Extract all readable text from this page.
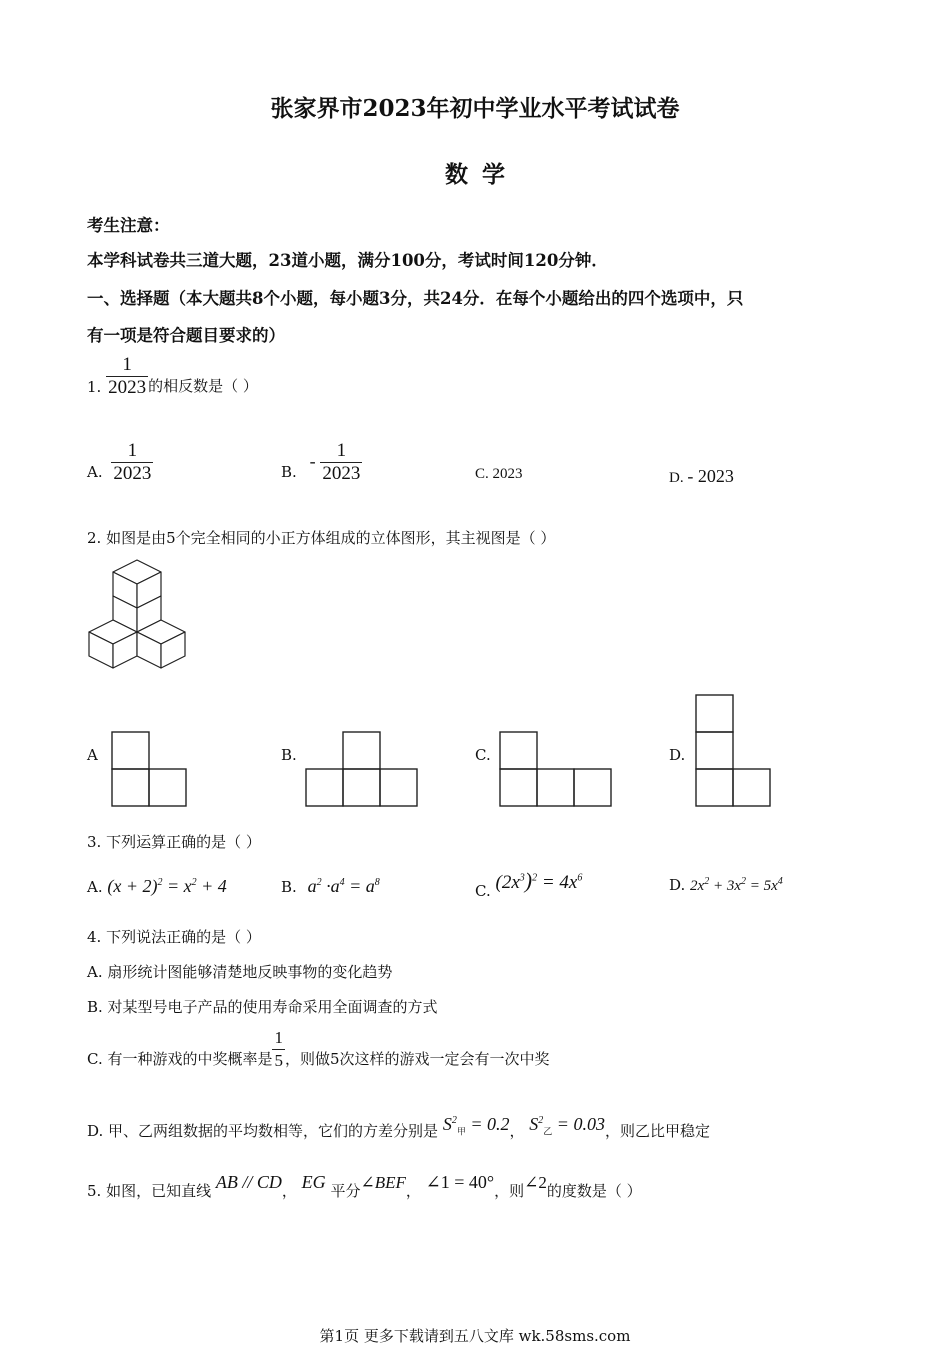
张家界市2023年初中学业水平考试试卷
数 学
考生注意：
本学科试卷共三道大题，23道小题，满分100分，考试时间120分钟．
一、选择题（本大题共8个小题，每小题3分，共24分．在每个小题给出的四个选项中，只
有一项是符合题目要求的）
1. $\frac{1}{2023}$ 的相反数是（ ）
A. $\frac{1}{2023}$	B. - $\frac{1}{2023}$	C. 2023	D. - 2023
2. 如图是由5个完全相同的小正方体组成的立体图形，其主视图是（ ）
A	B.	C.	D.
3. 下列运算正确的是（ ）
A. $(x + 2)^2 = x^2 + 4$	B. $a^2 \cdot a^4 = a^8$	C. $(2x^3)^2 = 4x^6$	D. $2x^2 + 3x^2 = 5x^4$
4. 下列说法正确的是（ ）
A. 扇形统计图能够清楚地反映事物的变化趋势
B. 对某型号电子产品的使用寿命采用全面调查的方式
C. 有一种游戏的中奖概率是 $\frac{1}{5}$ ，则做5次这样的游戏一定会有一次中奖
D. 甲、乙两组数据的平均数相等，它们的方差分别是 $S^2_甲 = 0.2$， $S^2_乙 = 0.03$，则乙比甲稳定
5. 如图，已知直线 AB // CD， EG 平分∠BEF， ∠1 = 40°，则∠2的度数是（ ）
第1页 更多下载请到五八文库 wk.58sms.com
